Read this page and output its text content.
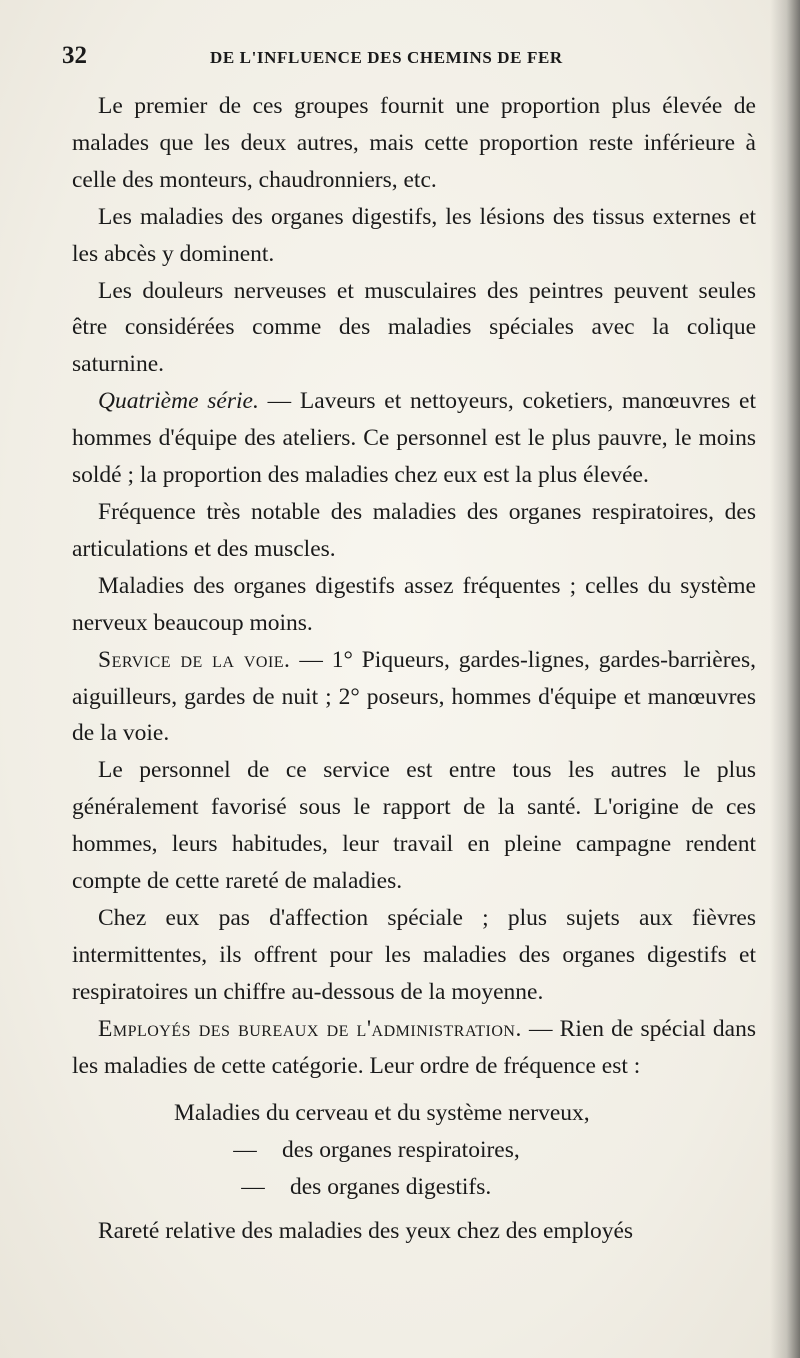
32	DE L'INFLUENCE DES CHEMINS DE FER

Le premier de ces groupes fournit une proportion plus élevée de malades que les deux autres, mais cette proportion reste inférieure à celle des monteurs, chaudronniers, etc.

Les maladies des organes digestifs, les lésions des tissus externes et les abcès y dominent.

Les douleurs nerveuses et musculaires des peintres peuvent seules être considérées comme des maladies spéciales avec la colique saturnine.

Quatrième série. — Laveurs et nettoyeurs, coketiers, manœuvres et hommes d'équipe des ateliers. Ce personnel est le plus pauvre, le moins soldé ; la proportion des maladies chez eux est la plus élevée.

Fréquence très notable des maladies des organes respiratoires, des articulations et des muscles.

Maladies des organes digestifs assez fréquentes ; celles du système nerveux beaucoup moins.

Service de la voie. — 1° Piqueurs, gardes-lignes, gardes-barrières, aiguilleurs, gardes de nuit ; 2° poseurs, hommes d'équipe et manœuvres de la voie.

Le personnel de ce service est entre tous les autres le plus généralement favorisé sous le rapport de la santé. L'origine de ces hommes, leurs habitudes, leur travail en pleine campagne rendent compte de cette rareté de maladies.

Chez eux pas d'affection spéciale ; plus sujets aux fièvres intermittentes, ils offrent pour les maladies des organes digestifs et respiratoires un chiffre au-dessous de la moyenne.

Employés des bureaux de l'administration. — Rien de spécial dans les maladies de cette catégorie. Leur ordre de fréquence est :

Maladies du cerveau et du système nerveux,
— des organes respiratoires,
— des organes digestifs.

Rareté relative des maladies des yeux chez des employés
